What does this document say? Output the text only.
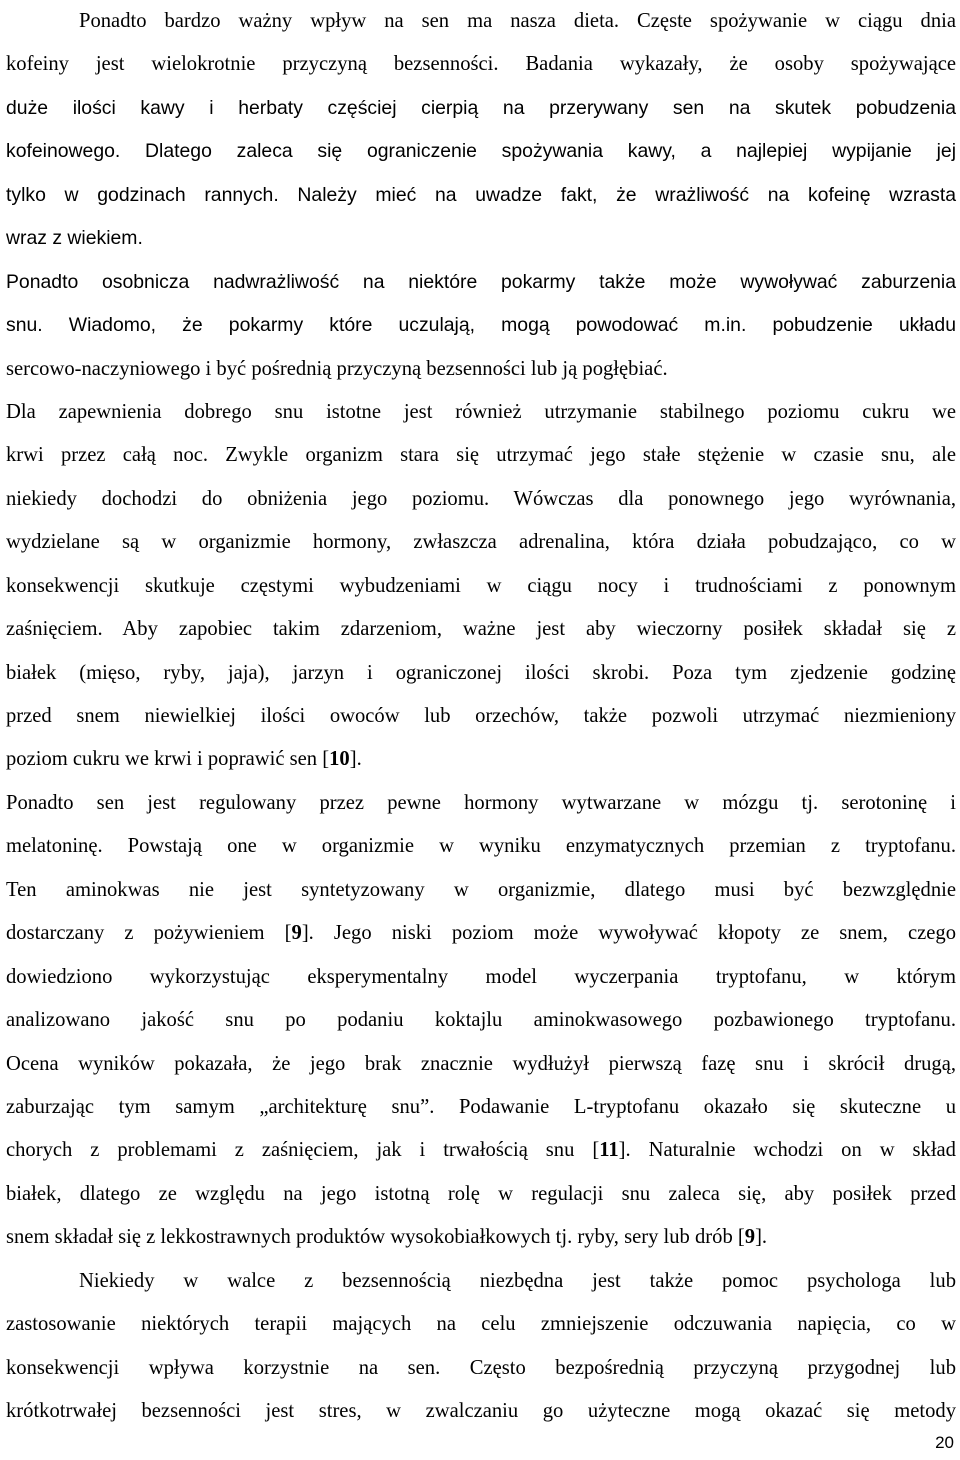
Ponadto bardzo ważny wpływ na sen ma nasza dieta. Częste spożywanie w ciągu dnia
kofeiny jest wielokrotnie przyczyną bezsenności. Badania wykazały, że osoby spożywające
duże ilości kawy i herbaty częściej cierpią na przerywany sen na skutek pobudzenia
kofeinowego. Dlatego zaleca się ograniczenie spożywania kawy, a najlepiej wypijanie jej
tylko w godzinach rannych. Należy mieć na uwadze fakt, że wrażliwość na kofeinę wzrasta
wraz z wiekiem.
Ponadto osobnicza nadwrażliwość na niektóre pokarmy także może wywoływać zaburzenia
snu. Wiadomo, że pokarmy które uczulają, mogą powodować m.in. pobudzenie układu
sercowo-naczyniowego i być pośrednią przyczyną bezsenności lub ją pogłębiać.
Dla zapewnienia dobrego snu istotne jest również utrzymanie stabilnego poziomu cukru we
krwi przez całą noc. Zwykle organizm stara się utrzymać jego stałe stężenie w czasie snu, ale
niekiedy dochodzi do obniżenia jego poziomu. Wówczas dla ponownego jego wyrównania,
wydzielane są w organizmie hormony, zwłaszcza adrenalina, która działa pobudzająco, co w
konsekwencji skutkuje częstymi wybudzeniami w ciągu nocy i trudnościami z ponownym
zaśnięciem. Aby zapobiec takim zdarzeniom, ważne jest aby wieczorny posiłek składał się z
białek (mięso, ryby, jaja), jarzyn i ograniczonej ilości skrobi. Poza tym zjedzenie godzinę
przed snem niewielkiej ilości owoców lub orzechów, także pozwoli utrzymać niezmieniony
poziom cukru we krwi i poprawić sen [10].
Ponadto sen jest regulowany przez pewne hormony wytwarzane w mózgu tj. serotoninę i
melatoninę. Powstają one w organizmie w wyniku enzymatycznych przemian z tryptofanu.
Ten aminokwas nie jest syntetyzowany w organizmie, dlatego musi być bezwzględnie
dostarczany z pożywieniem [9]. Jego niski poziom może wywoływać kłopoty ze snem, czego
dowiedziono wykorzystując eksperymentalny model wyczerpania tryptofanu, w którym
analizowano jakość snu po podaniu koktajlu aminokwasowego pozbawionego tryptofanu.
Ocena wyników pokazała, że jego brak znacznie wydłużył pierwszą fazę snu i skrócił drugą,
zaburzając tym samym „architekturę snu”. Podawanie L-tryptofanu okazało się skuteczne u
chorych z problemami z zaśnięciem, jak i trwałością snu [11]. Naturalnie wchodzi on w skład
białek, dlatego ze względu na jego istotną rolę w regulacji snu zaleca się, aby posiłek przed
snem składał się z lekkostrawnych produktów wysokobiałkowych tj. ryby, sery lub drób [9].
Niekiedy w walce z bezsennością niezbędna jest także pomoc psychologa lub
zastosowanie niektórych terapii mających na celu zmniejszenie odczuwania napięcia, co w
konsekwencji wpływa korzystnie na sen. Często bezpośrednią przyczyną przygodnej lub
krótkotrwałej bezsenności jest stres, w zwalczaniu go użyteczne mogą okazać się metody
20
